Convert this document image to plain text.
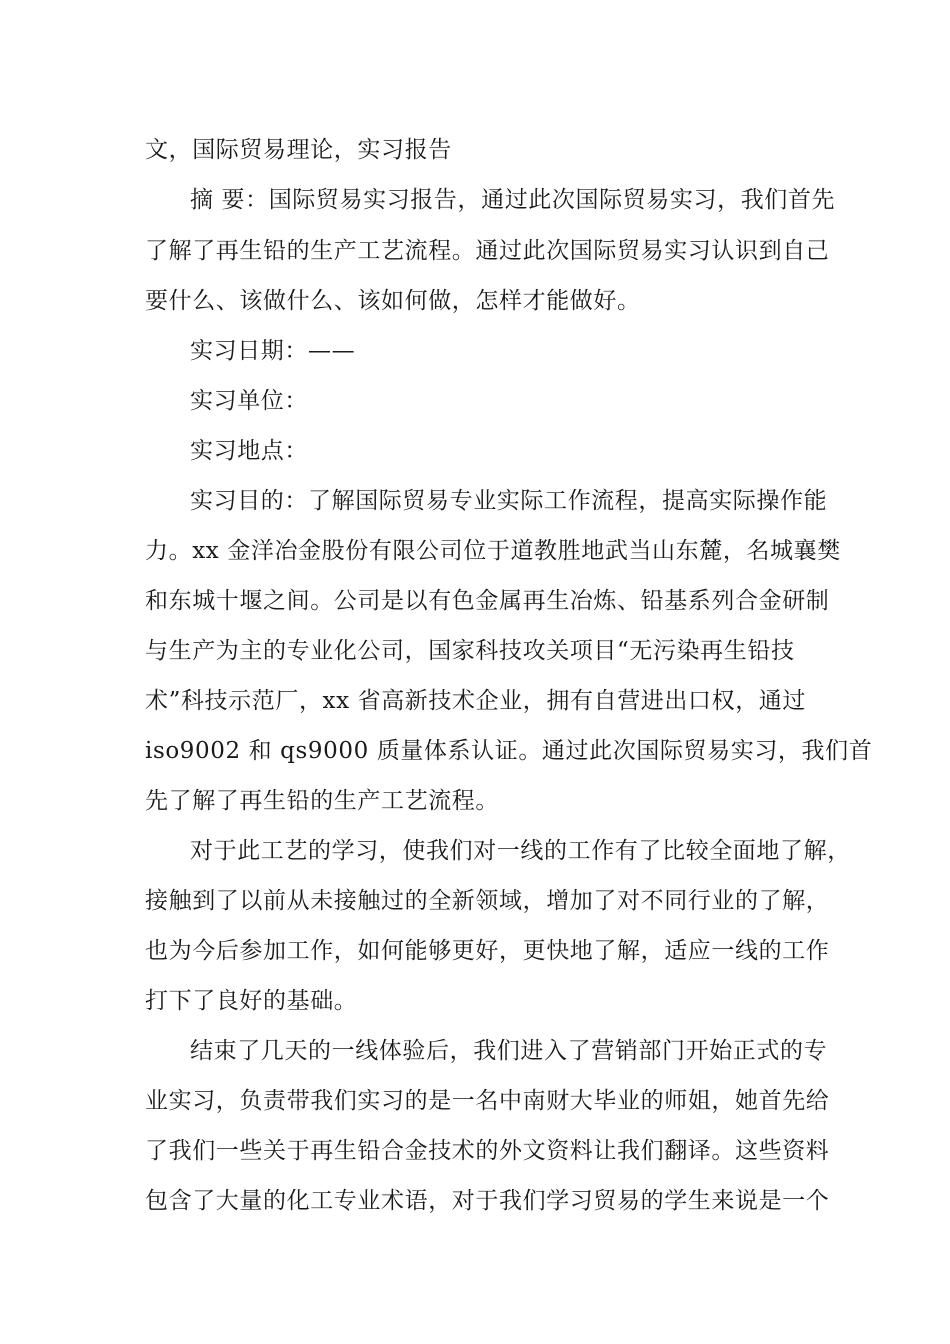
文，国际贸易理论，实习报告
摘 要：国际贸易实习报告，通过此次国际贸易实习，我们首先
了解了再生铅的生产工艺流程。通过此次国际贸易实习认识到自己
要什么、该做什么、该如何做，怎样才能做好。
实习日期：——
实习单位：
实习地点：
实习目的：了解国际贸易专业实际工作流程，提高实际操作能
力。xx 金洋冶金股份有限公司位于道教胜地武当山东麓，名城襄樊
和东城十堰之间。公司是以有色金属再生冶炼、铅基系列合金研制
与生产为主的专业化公司，国家科技攻关项目“无污染再生铅技
术”科技示范厂，xx 省高新技术企业，拥有自营进出口权，通过
iso9002 和 qs9000 质量体系认证。通过此次国际贸易实习，我们首
先了解了再生铅的生产工艺流程。
对于此工艺的学习，使我们对一线的工作有了比较全面地了解，
接触到了以前从未接触过的全新领域，增加了对不同行业的了解，
也为今后参加工作，如何能够更好，更快地了解，适应一线的工作
打下了良好的基础。
结束了几天的一线体验后，我们进入了营销部门开始正式的专
业实习，负责带我们实习的是一名中南财大毕业的师姐，她首先给
了我们一些关于再生铅合金技术的外文资料让我们翻译。这些资料
包含了大量的化工专业术语，对于我们学习贸易的学生来说是一个
